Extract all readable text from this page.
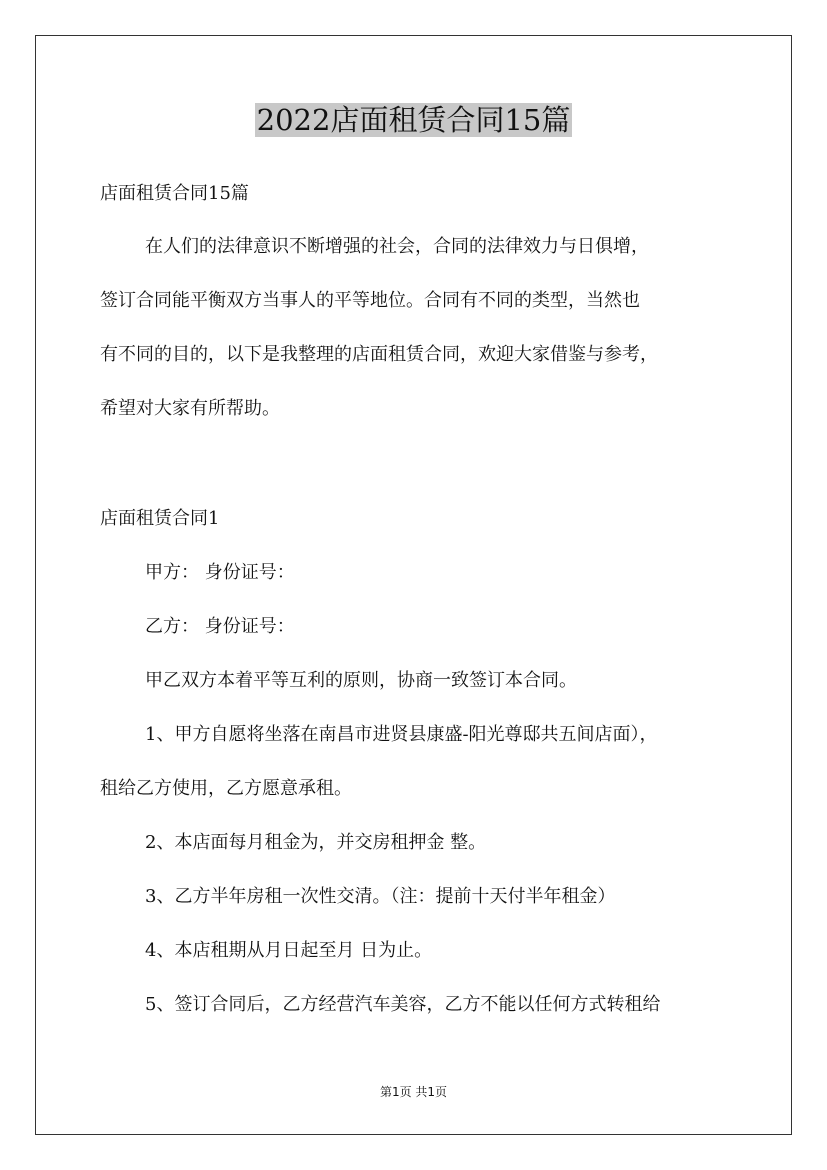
2022店面租赁合同15篇

店面租赁合同15篇

在人们的法律意识不断增强的社会，合同的法律效力与日俱增，

签订合同能平衡双方当事人的平等地位。合同有不同的类型，当然也

有不同的目的，以下是我整理的店面租赁合同，欢迎大家借鉴与参考，

希望对大家有所帮助。

店面租赁合同1

甲方： 身份证号：

乙方： 身份证号：

甲乙双方本着平等互利的原则，协商一致签订本合同。

1、甲方自愿将坐落在南昌市进贤县康盛-阳光尊邸共五间店面），

租给乙方使用，乙方愿意承租。

2、本店面每月租金为，并交房租押金 整。

3、乙方半年房租一次性交清。（注：提前十天付半年租金）

4、本店租期从月日起至月 日为止。

5、签订合同后，乙方经营汽车美容，乙方不能以任何方式转租给

第1页 共1页
